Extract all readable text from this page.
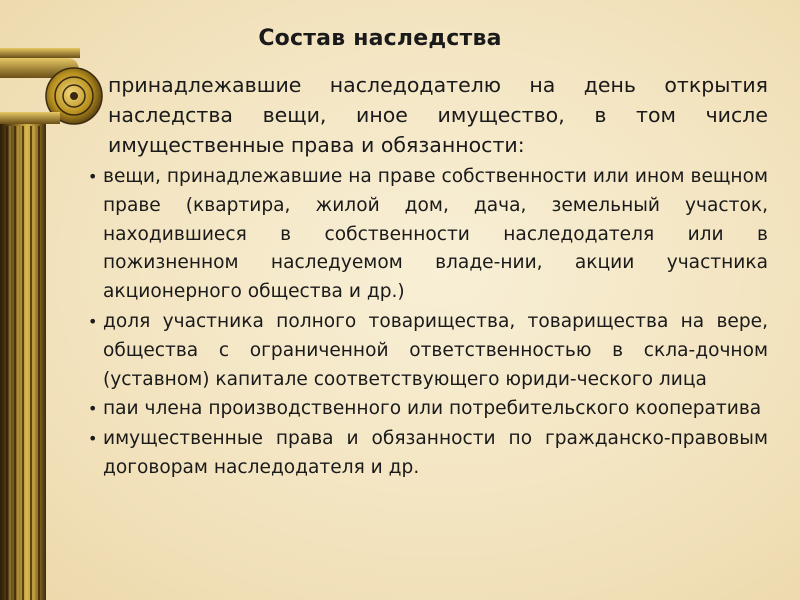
Состав наследства
принадлежавшие наследодателю на день открытия наследства вещи, иное имущество, в том числе имущественные права и обязанности:
• вещи, принадлежавшие на праве собственности или ином вещном праве (квартира, жилой дом, дача, земельный участок, находившиеся в собственности наследодателя или в пожизненном наследуемом владе-нии, акции участника акционерного общества и др.)
• доля участника полного товарищества, товарищества на вере, общества с ограниченной ответственностью в скла-дочном (уставном) капитале соответствующего юриди-ческого лица
• паи члена производственного или потребительского кооператива
• имущественные права и обязанности по гражданско-правовым договорам наследодателя и др.
